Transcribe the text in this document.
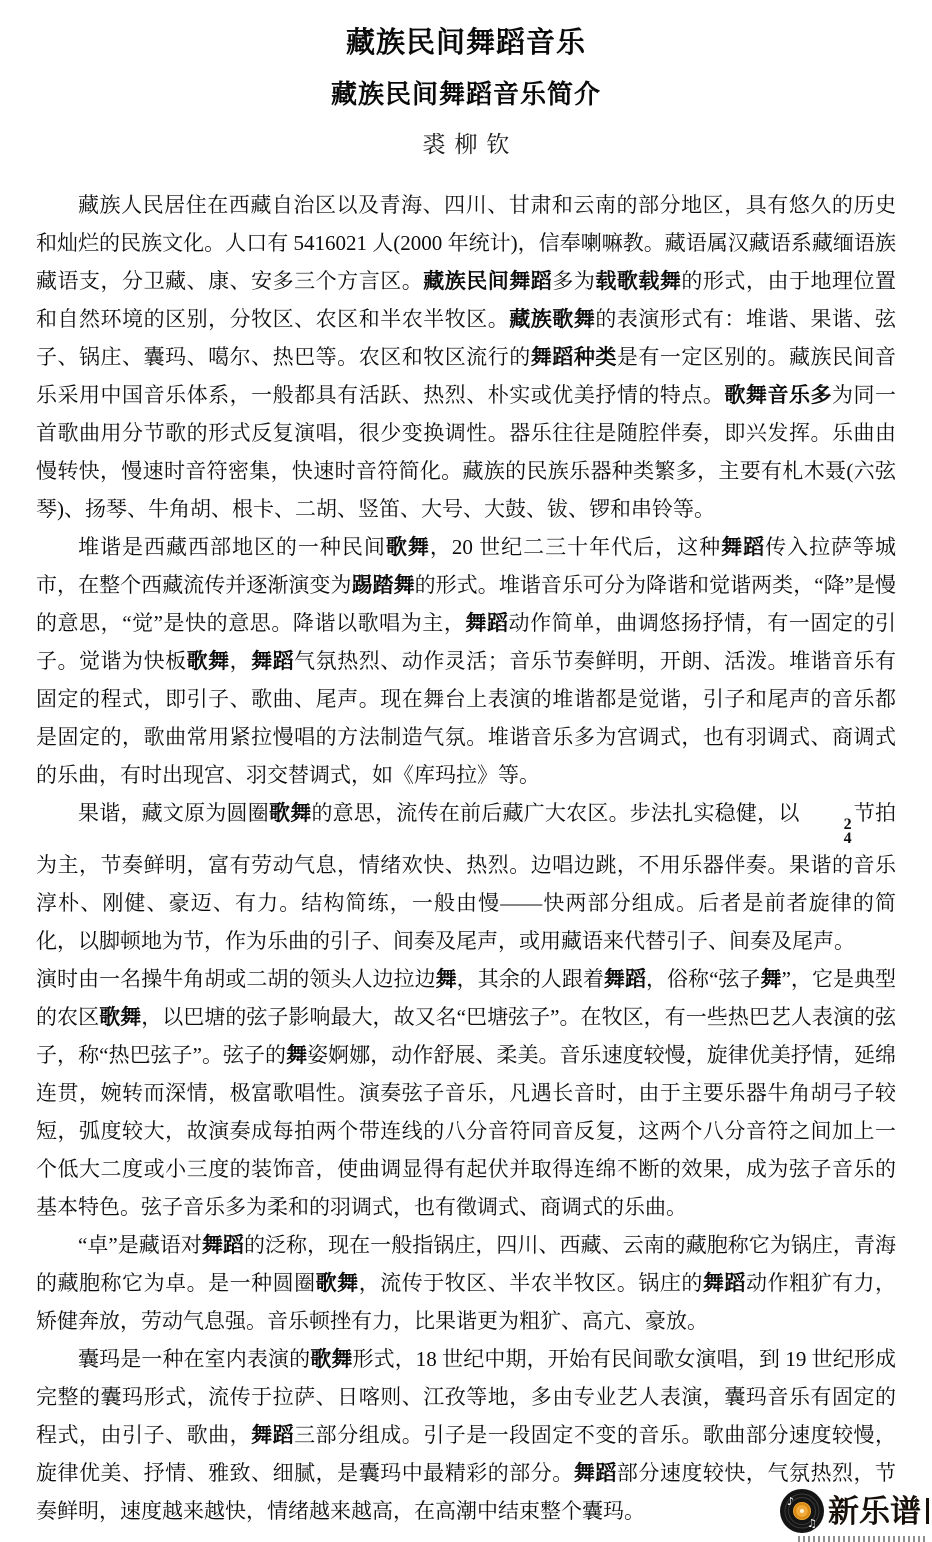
藏族民间舞蹈音乐
藏族民间舞蹈音乐简介
裘柳钦

藏族人民居住在西藏自治区以及青海、四川、甘肃和云南的部分地区，具有悠久的历史和灿烂的民族文化。人口有 5416021 人(2000 年统计)，信奉喇嘛教。藏语属汉藏语系藏缅语族藏语支，分卫藏、康、安多三个方言区。藏族民间舞蹈多为载歌载舞的形式，由于地理位置和自然环境的区别，分牧区、农区和半农半牧区。藏族歌舞的表演形式有：堆谐、果谐、弦子、锅庄、囊玛、噶尔、热巴等。农区和牧区流行的舞蹈种类是有一定区别的。藏族民间音乐采用中国音乐体系，一般都具有活跃、热烈、朴实或优美抒情的特点。歌舞音乐多为同一首歌曲用分节歌的形式反复演唱，很少变换调性。器乐往往是随腔伴奏，即兴发挥。乐曲由慢转快，慢速时音符密集，快速时音符简化。藏族的民族乐器种类繁多，主要有札木聂(六弦琴)、扬琴、牛角胡、根卡、二胡、竖笛、大号、大鼓、钹、锣和串铃等。

堆谐是西藏西部地区的一种民间歌舞，20 世纪二三十年代后，这种舞蹈传入拉萨等城市，在整个西藏流传并逐渐演变为踢踏舞的形式。堆谐音乐可分为降谐和觉谐两类，“降”是慢的意思，“觉”是快的意思。降谐以歌唱为主，舞蹈动作简单，曲调悠扬抒情，有一固定的引子。觉谐为快板歌舞，舞蹈气氛热烈、动作灵活；音乐节奏鲜明，开朗、活泼。堆谐音乐有固定的程式，即引子、歌曲、尾声。现在舞台上表演的堆谐都是觉谐，引子和尾声的音乐都是固定的，歌曲常用紧拉慢唱的方法制造气氛。堆谐音乐多为宫调式，也有羽调式、商调式的乐曲，有时出现宫、羽交替调式，如《库玛拉》等。

果谐，藏文原为圆圈歌舞的意思，流传在前后藏广大农区。步法扎实稳健，以	2
4
节拍为主，节奏鲜明，富有劳动气息，情绪欢快、热烈。边唱边跳，不用乐器伴奏。果谐的音乐淳朴、刚健、豪迈、有力。结构简练，一般由慢——快两部分组成。后者是前者旋律的简化，以脚顿地为节，作为乐曲的引子、间奏及尾声，或用藏语来代替引子、间奏及尾声。

演时由一名操牛角胡或二胡的领头人边拉边舞，其余的人跟着舞蹈，俗称“弦子舞”，它是典型的农区歌舞，以巴塘的弦子影响最大，故又名“巴塘弦子”。在牧区，有一些热巴艺人表演的弦子，称“热巴弦子”。弦子的舞姿婀娜，动作舒展、柔美。音乐速度较慢，旋律优美抒情，延绵连贯，婉转而深情，极富歌唱性。演奏弦子音乐，凡遇长音时，由于主要乐器牛角胡弓子较短，弧度较大，故演奏成每拍两个带连线的八分音符同音反复，这两个八分音符之间加上一个低大二度或小三度的装饰音，使曲调显得有起伏并取得连绵不断的效果，成为弦子音乐的基本特色。弦子音乐多为柔和的羽调式，也有徵调式、商调式的乐曲。

“卓”是藏语对舞蹈的泛称，现在一般指锅庄，四川、西藏、云南的藏胞称它为锅庄，青海的藏胞称它为卓。是一种圆圈歌舞，流传于牧区、半农半牧区。锅庄的舞蹈动作粗犷有力，矫健奔放，劳动气息强。音乐顿挫有力，比果谐更为粗犷、高亢、豪放。

囊玛是一种在室内表演的歌舞形式，18 世纪中期，开始有民间歌女演唱，到 19 世纪形成完整的囊玛形式，流传于拉萨、日喀则、江孜等地，多由专业艺人表演，囊玛音乐有固定的程式，由引子、歌曲，舞蹈三部分组成。引子是一段固定不变的音乐。歌曲部分速度较慢，旋律优美、抒情、雅致、细腻，是囊玛中最精彩的部分。舞蹈部分速度较快，气氛热烈，节奏鲜明，速度越来越快，情绪越来越高，在高潮中结束整个囊玛。	♪
♫ 新乐谱
